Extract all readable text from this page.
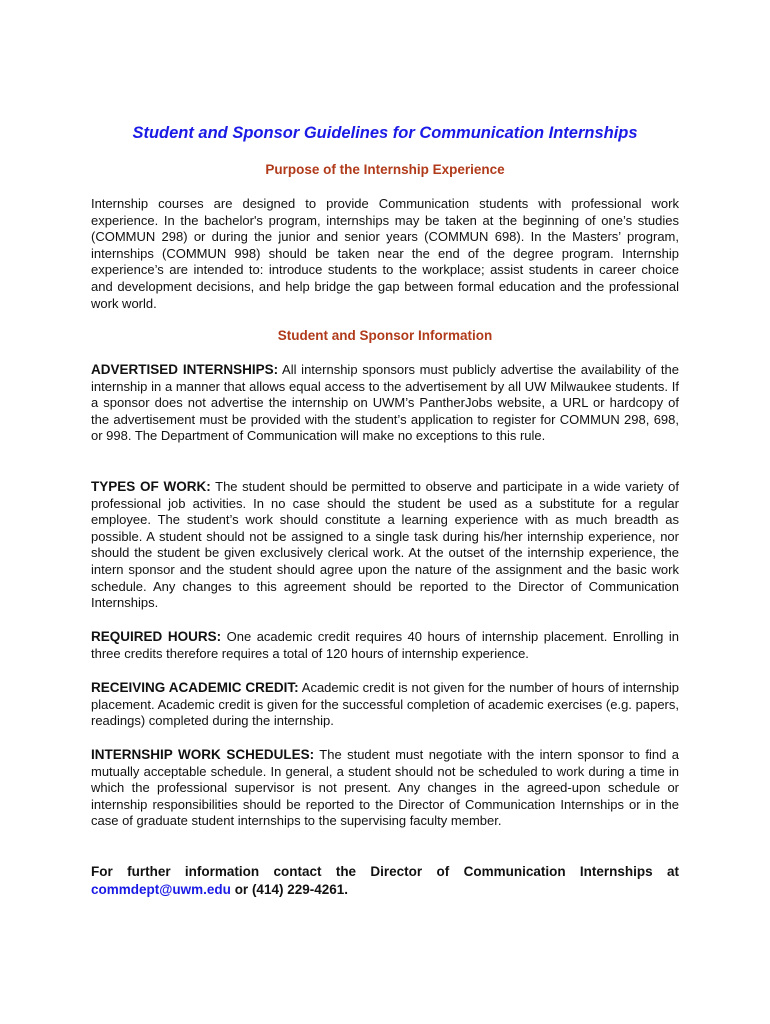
Student and Sponsor Guidelines for Communication Internships
Purpose of the Internship Experience

Internship courses are designed to provide Communication students with professional work experience. In the bachelor's program, internships may be taken at the beginning of one’s studies (COMMUN 298) or during the junior and senior years (COMMUN 698). In the Masters’ program, internships (COMMUN 998) should be taken near the end of the degree program. Internship experience’s are intended to: introduce students to the workplace; assist students in career choice and development decisions, and help bridge the gap between formal education and the professional work world.

Student and Sponsor Information

ADVERTISED INTERNSHIPS: All internship sponsors must publicly advertise the availability of the internship in a manner that allows equal access to the advertisement by all UW Milwaukee students. If a sponsor does not advertise the internship on UWM’s PantherJobs website, a URL or hardcopy of the advertisement must be provided with the student’s application to register for COMMUN 298, 698, or 998. The Department of Communication will make no exceptions to this rule.

TYPES OF WORK: The student should be permitted to observe and participate in a wide variety of professional job activities. In no case should the student be used as a substitute for a regular employee. The student’s work should constitute a learning experience with as much breadth as possible. A student should not be assigned to a single task during his/her internship experience, nor should the student be given exclusively clerical work. At the outset of the internship experience, the intern sponsor and the student should agree upon the nature of the assignment and the basic work schedule. Any changes to this agreement should be reported to the Director of Communication Internships.

REQUIRED HOURS: One academic credit requires 40 hours of internship placement. Enrolling in three credits therefore requires a total of 120 hours of internship experience.

RECEIVING ACADEMIC CREDIT: Academic credit is not given for the number of hours of internship placement. Academic credit is given for the successful completion of academic exercises (e.g. papers, readings) completed during the internship.

INTERNSHIP WORK SCHEDULES: The student must negotiate with the intern sponsor to find a mutually acceptable schedule. In general, a student should not be scheduled to work during a time in which the professional supervisor is not present. Any changes in the agreed-upon schedule or internship responsibilities should be reported to the Director of Communication Internships or in the case of graduate student internships to the supervising faculty member.

For further information contact the Director of Communication Internships at commdept@uwm.edu or (414) 229-4261.
